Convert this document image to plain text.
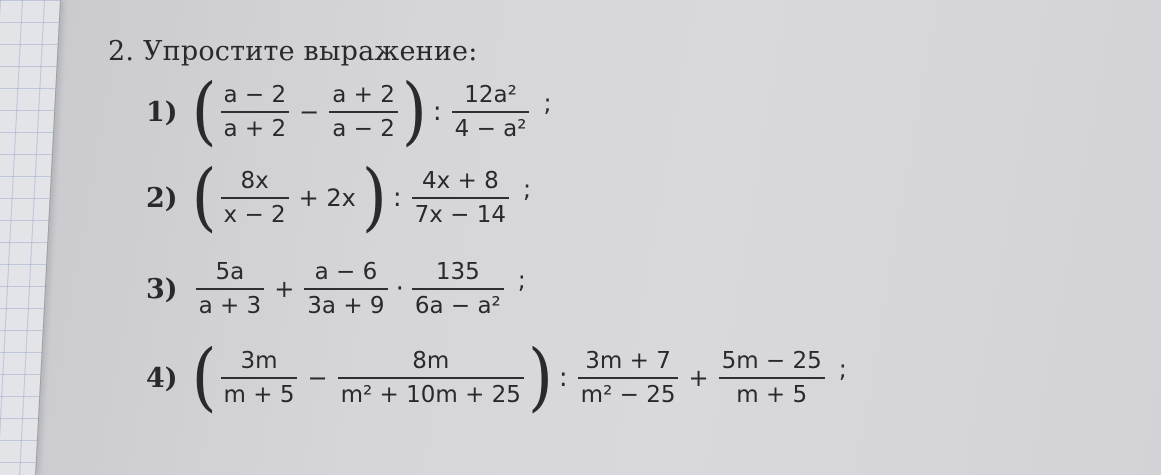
2. Упростите выражение:
1) ( $\frac{a - 2}{a + 2} - \frac{a + 2}{a - 2}$ ) : $\frac{\text{12a²}}{\text{4 − a²}}$ ;
2) ( $\frac{8x}{x - 2} + 2x$ ) : $\frac{4x + 8}{7x - 14}$ ;
$3) \frac{5a}{a + 3} + \frac{a - 6}{3a + 9} \cdot \frac{135}{\text{6a − a²}}$ ;
4) ( $\frac{3m}{m + 5} - \frac{8m}{\text{m² + 10m + 25}}$ ) : $\frac{3m + 7}{\text{m² − 25}} + \frac{5m - 25}{m + 5}$ ;
